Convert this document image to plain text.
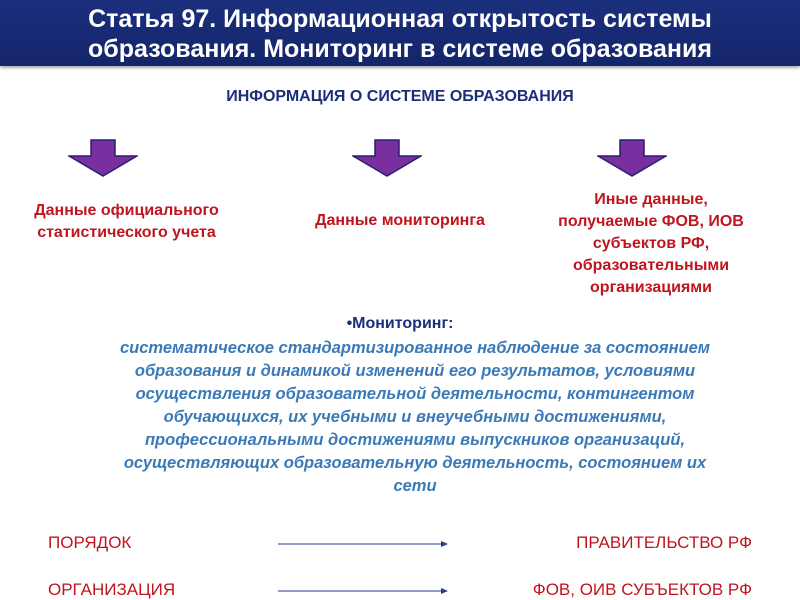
Статья 97. Информационная открытость системы
образования. Мониторинг в системе образования
ИНФОРМАЦИЯ О СИСТЕМЕ ОБРАЗОВАНИЯ
Данные официального
статистического учета
Данные мониторинга
Иные данные,
получаемые ФОВ, ИОВ
субъектов РФ,
образовательными
организациями
•Мониторинг:
систематическое стандартизированное наблюдение за состоянием
образования и динамикой изменений его результатов, условиями
осуществления образовательной деятельности, контингентом
обучающихся, их учебными и внеучебными достижениями,
профессиональными достижениями выпускников организаций,
осуществляющих образовательную деятельность, состоянием их
сети
ПОРЯДОК	ПРАВИТЕЛЬСТВО РФ
ОРГАНИЗАЦИЯ	ФОВ, ОИВ СУБЪЕКТОВ РФ
